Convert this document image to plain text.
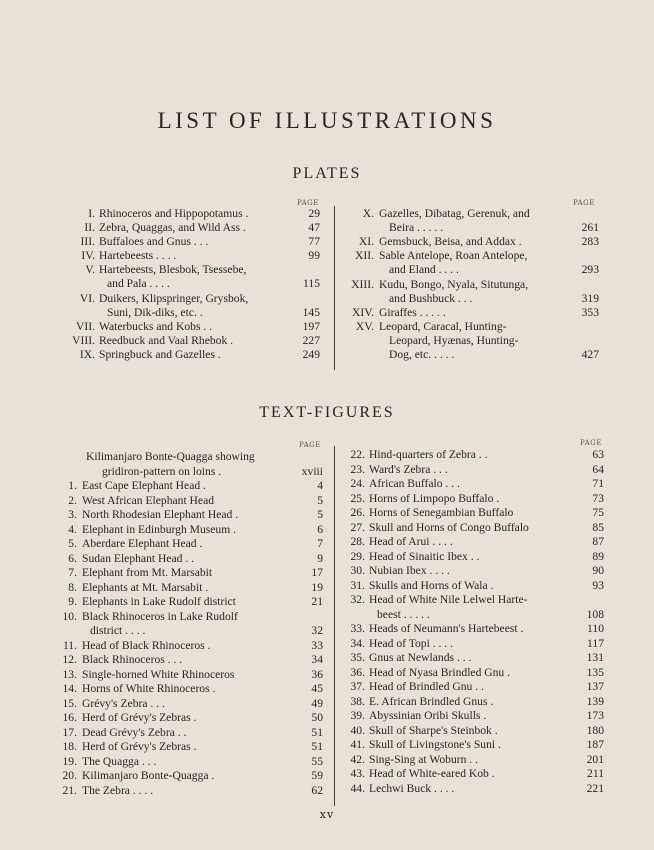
LIST OF ILLUSTRATIONS
PLATES
PAGE	PAGE
I. Rhinoceros and Hippopotamus .	29
II. Zebra, Quaggas, and Wild Ass .	47
III. Buffaloes and Gnus . . .	77
IV. Hartebeests . . . .	99
V. Hartebeests, Blesbok, Tsessebe,
and Pala . . . .	115
VI. Duikers, Klipspringer, Grysbok,
Suni, Dik-diks, etc. .	145
VII. Waterbucks and Kobs . .	197
VIII. Reedbuck and Vaal Rhebok .	227
IX. Springbuck and Gazelles .	249
X. Gazelles, Dibatag, Gerenuk, and
Beira . . . . .	261
XI. Gemsbuck, Beisa, and Addax .	283
XII. Sable Antelope, Roan Antelope,
and Eland . . . .	293
XIII. Kudu, Bongo, Nyala, Situtunga,
and Bushbuck . . .	319
XIV. Giraffes . . . . .	353
XV. Leopard, Caracal, Hunting-
Leopard, Hyænas, Hunting-
Dog, etc. . . . .	427
TEXT-FIGURES
PAGE	PAGE
Kilimanjaro Bonte-Quagga showing
gridiron-pattern on loins .	xviii
1. East Cape Elephant Head .	4
2. West African Elephant Head	5
3. North Rhodesian Elephant Head .	5
4. Elephant in Edinburgh Museum .	6
5. Aberdare Elephant Head .	7
6. Sudan Elephant Head . .	9
7. Elephant from Mt. Marsabit	17
8. Elephants at Mt. Marsabit .	19
9. Elephants in Lake Rudolf district	21
10. Black Rhinoceros in Lake Rudolf
district . . . .	32
11. Head of Black Rhinoceros .	33
12. Black Rhinoceros . . .	34
13. Single-horned White Rhinoceros	36
14. Horns of White Rhinoceros .	45
15. Grévy's Zebra . . .	49
16. Herd of Grévy's Zebras .	50
17. Dead Grévy's Zebra . .	51
18. Herd of Grévy's Zebras .	51
19. The Quagga . . .	55
20. Kilimanjaro Bonte-Quagga .	59
21. The Zebra . . . .	62
22. Hind-quarters of Zebra . .	63
23. Ward's Zebra . . .	64
24. African Buffalo . . .	71
25. Horns of Limpopo Buffalo .	73
26. Horns of Senegambian Buffalo	75
27. Skull and Horns of Congo Buffalo	85
28. Head of Arui . . . .	87
29. Head of Sinaitic Ibex . .	89
30. Nubian Ibex . . . .	90
31. Skulls and Horns of Wala .	93
32. Head of White Nile Lelwel Harte-
beest . . . . .	108
33. Heads of Neumann's Hartebeest .	110
34. Head of Topi . . . .	117
35. Gnus at Newlands . . .	131
36. Head of Nyasa Brindled Gnu .	135
37. Head of Brindled Gnu . .	137
38. E. African Brindled Gnus .	139
39. Abyssinian Oribi Skulls .	173
40. Skull of Sharpe's Steinbok .	180
41. Skull of Livingstone's Suni .	187
42. Sing-Sing at Woburn . .	201
43. Head of White-eared Kob .	211
44. Lechwi Buck . . . .	221
xv
